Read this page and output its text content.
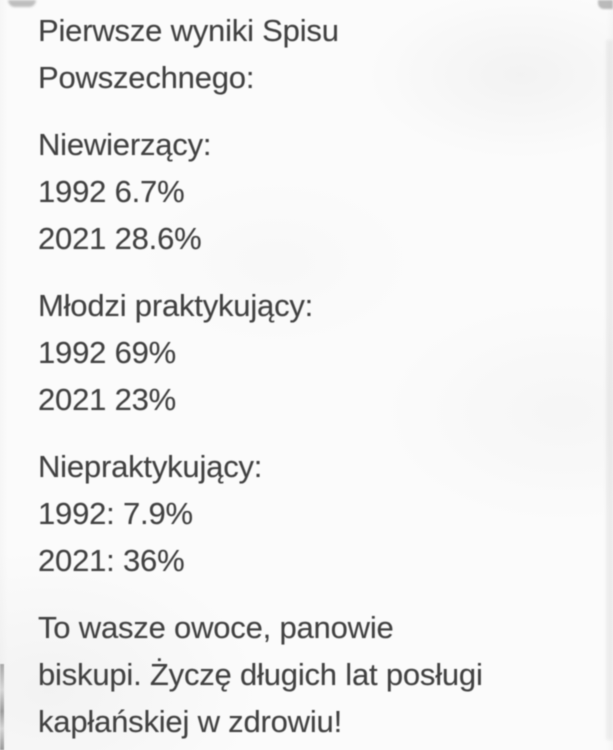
Pierwsze wyniki Spisu
Powszechnego:

Niewierzący:
1992 6.7%
2021 28.6%

Młodzi praktykujący:
1992 69%
2021 23%

Niepraktykujący:
1992: 7.9%
2021: 36%

To wasze owoce, panowie
biskupi. Życzę długich lat posługi
kapłańskiej w zdrowiu!
